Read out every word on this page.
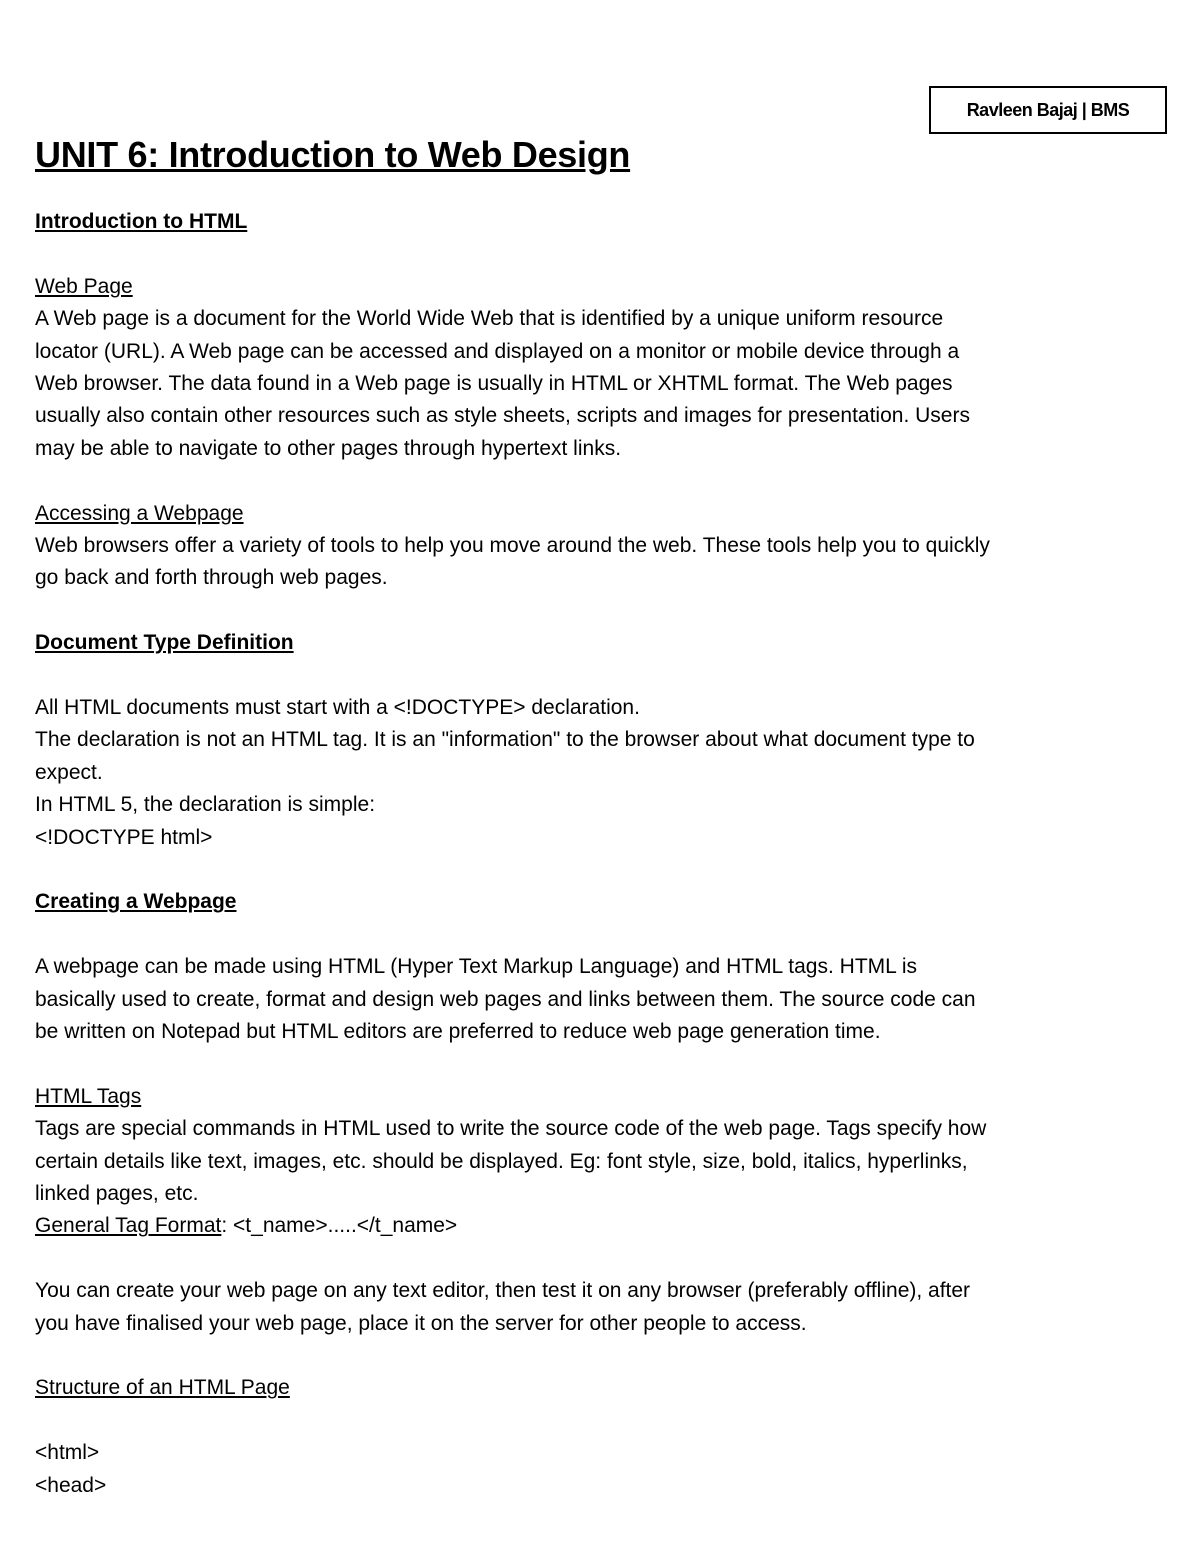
Ravleen Bajaj | BMS
UNIT 6: Introduction to Web Design

Introduction to HTML

Web Page

A Web page is a document for the World Wide Web that is identified by a unique uniform resource

locator (URL). A Web page can be accessed and displayed on a monitor or mobile device through a

Web browser. The data found in a Web page is usually in HTML or XHTML format. The Web pages

usually also contain other resources such as style sheets, scripts and images for presentation. Users

may be able to navigate to other pages through hypertext links.

Accessing a Webpage

Web browsers offer a variety of tools to help you move around the web. These tools help you to quickly

go back and forth through web pages.

Document Type Definition

All HTML documents must start with a <!DOCTYPE> declaration.

The declaration is not an HTML tag. It is an "information" to the browser about what document type to

expect.

In HTML 5, the declaration is simple:

<!DOCTYPE html>

Creating a Webpage

A webpage can be made using HTML (Hyper Text Markup Language) and HTML tags. HTML is

basically used to create, format and design web pages and links between them. The source code can

be written on Notepad but HTML editors are preferred to reduce web page generation time.

HTML Tags

Tags are special commands in HTML used to write the source code of the web page. Tags specify how

certain details like text, images, etc. should be displayed. Eg: font style, size, bold, italics, hyperlinks,

linked pages, etc.

General Tag Format: <t_name>.....</t_name>

You can create your web page on any text editor, then test it on any browser (preferably offline), after

you have finalised your web page, place it on the server for other people to access.

Structure of an HTML Page

<html>

<head>
